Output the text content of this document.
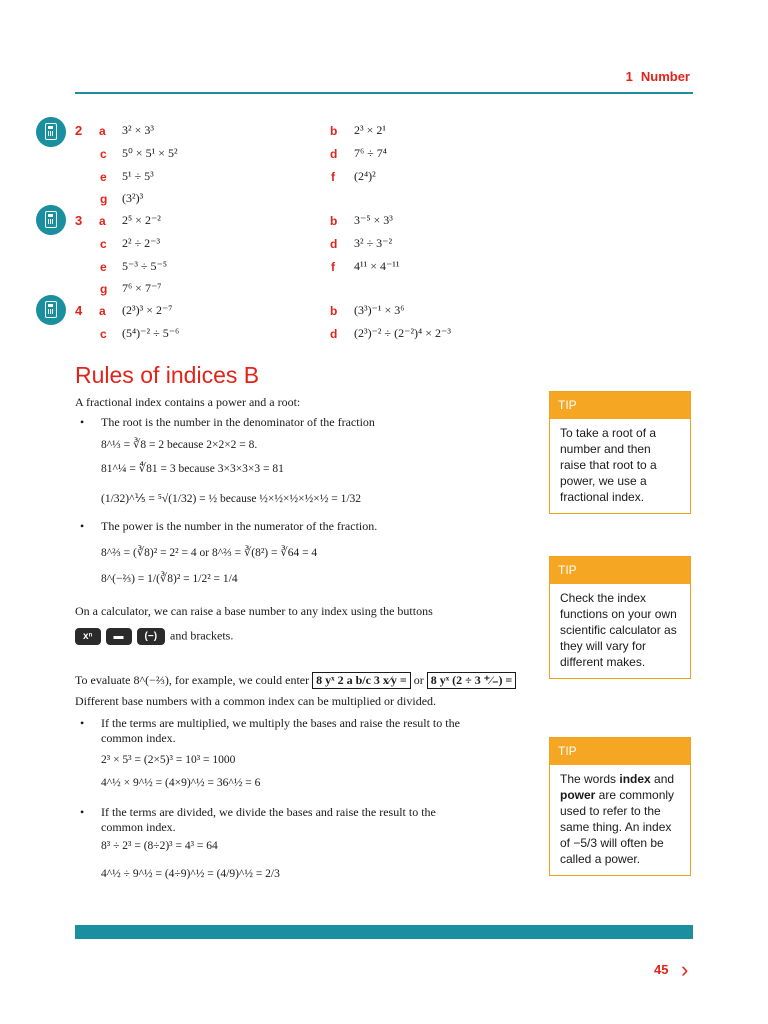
1 Number
2 a 3² × 3³	b 2³ × 2¹
c 5⁰ × 5¹ × 5²	d 7⁶ ÷ 7⁴
e 5¹ ÷ 5³	f (2⁴)²
g (3²)³
3 a 2⁵ × 2⁻²	b 3⁻⁵ × 3³
c 2² ÷ 2⁻³	d 3² ÷ 3⁻²
e 5⁻³ ÷ 5⁻⁵	f 4¹¹ × 4⁻¹¹
g 7⁶ × 7⁻⁷
4 a (2³)³ × 2⁻⁷	b (3³)⁻¹ × 3⁶
c (5⁴)⁻² ÷ 5⁻⁶	d (2³)⁻² ÷ (2⁻²)⁴ × 2⁻³
Rules of indices B
A fractional index contains a power and a root:
• The root is the number in the denominator of the fraction
8^⅓ = ∛8 = 2 because 2×2×2 = 8.
81^¼ = ∜81 = 3 because 3×3×3×3 = 81
(1/32)^⅕ = ⁵√(1/32) = ½ because ½×½×½×½×½ = 1/32
• The power is the number in the numerator of the fraction.
8^⅔ = (∛8)² = 2² = 4 or 8^⅔ = ∛(8²) = ∛64 = 4
8^(−⅔) = 1/(∛8)² = 1/2² = 1/4
On a calculator, we can raise a base number to any index using the buttons
xⁿ ▬ (−) and brackets.
To evaluate 8^(−⅔), for example, we could enter 8 yˣ 2 a b/c 3 x⁄y = or 8 yˣ (2 ÷ 3 ⁺⁄₋) =
Different base numbers with a common index can be multiplied or divided.
• If the terms are multiplied, we multiply the bases and raise the result to the
common index.
2³ × 5³ = (2×5)³ = 10³ = 1000
4^½ × 9^½ = (4×9)^½ = 36^½ = 6
• If the terms are divided, we divide the bases and raise the result to the
common index.
8³ ÷ 2³ = (8÷2)³ = 4³ = 64
4^½ ÷ 9^½ = (4÷9)^½ = (4/9)^½ = 2/3
TIP
To take a root of a number and then raise that root to a power, we use a fractional index.
TIP
Check the index functions on your own scientific calculator as they will vary for different makes.
TIP
The words index and power are commonly used to refer to the same thing. An index of −5/3 will often be called a power.
45 ›
